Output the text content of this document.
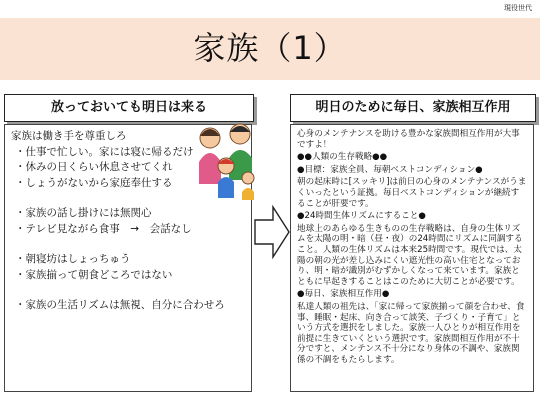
現役世代
家族（1）
放っておいても明日は来る	明日のために毎日、家族相互作用
家族は働き手を尊重しろ
・仕事で忙しい。家には寝に帰るだけ
・休みの日くらい休息させてくれ
・しょうがないから家庭奉仕する
・家族の話し掛けには無関心
・テレビ見ながら食事　→　会話なし
・朝寝坊はしょっちゅう
・家族揃って朝食どころではない
・家族の生活リズムは無視、自分に合わせろ
心身のメンテナンスを助ける豊かな家族間相互作用が大事ですよ！
●●人類の生存戦略●●
●目標：家族全員、毎朝ベストコンディション●
朝の起床時に[スッキリ]は前日の心身のメンテナンスがうまくいったという証拠。毎日ベストコンディションが継続することが肝要です。
●24時間生体リズムにすること●
地球上のあらゆる生きものの生存戦略は、自身の生体リズムを太陽の明・暗（昼・夜）の24時間にリズムに同調すること。人類の生体リズムは本来25時間です。現代では、太陽の朝の光が差し込みにくい遮光性の高い住宅となっており、明・暗が識別がむずかしくなって来ています。家族とともに早起きすることはこのために大切ことが必要です。
●毎日、家族相互作用●
私達人類の祖先は、「家に帰って家族揃って顔を合わせ、食事、睡眠・起床、向き合って談笑、子づくり・子育て」という方式を選択をしました。家族一人ひとりが相互作用を前提に生きていくという選択です。家族間相互作用が不十分ですと、メンテンス不十分になり身体の不調や、家族関係の不調をもたらします。
